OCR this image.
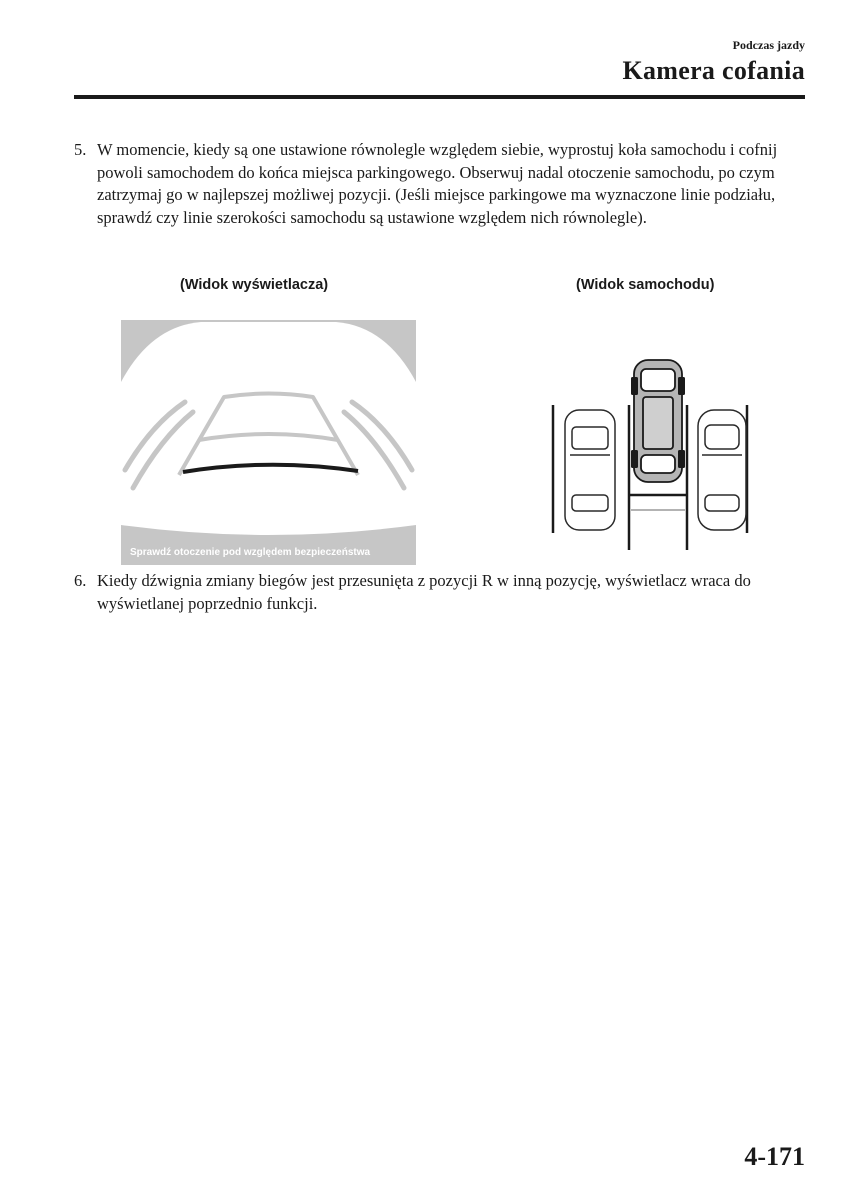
Podczas jazdy
Kamera cofania
5. W momencie, kiedy są one ustawione równolegle względem siebie, wyprostuj koła samochodu i cofnij powoli samochodem do końca miejsca parkingowego. Obserwuj nadal otoczenie samochodu, po czym zatrzymaj go w najlepszej możliwej pozycji. (Jeśli miejsce parkingowe ma wyznaczone linie podziału, sprawdź czy linie szerokości samochodu są ustawione względem nich równolegle).
(Widok wyświetlacza)	(Widok samochodu)
Sprawdź otoczenie pod względem bezpieczeństwa
6. Kiedy dźwignia zmiany biegów jest przesunięta z pozycji R w inną pozycję, wyświetlacz wraca do wyświetlanej poprzednio funkcji.
4-171
